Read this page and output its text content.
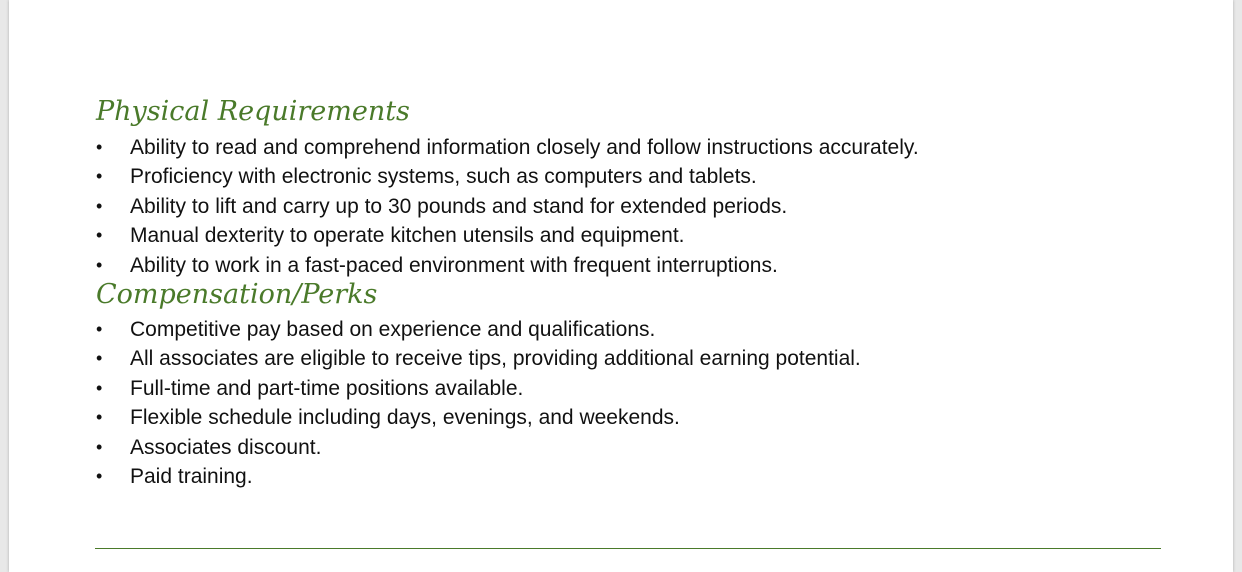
Physical Requirements
•	Ability to read and comprehend information closely and follow instructions accurately.
•	Proficiency with electronic systems, such as computers and tablets.
•	Ability to lift and carry up to 30 pounds and stand for extended periods.
•	Manual dexterity to operate kitchen utensils and equipment.
•	Ability to work in a fast-paced environment with frequent interruptions.
Compensation/Perks
•	Competitive pay based on experience and qualifications.
•	All associates are eligible to receive tips, providing additional earning potential.
•	Full-time and part-time positions available.
•	Flexible schedule including days, evenings, and weekends.
•	Associates discount.
•	Paid training.
